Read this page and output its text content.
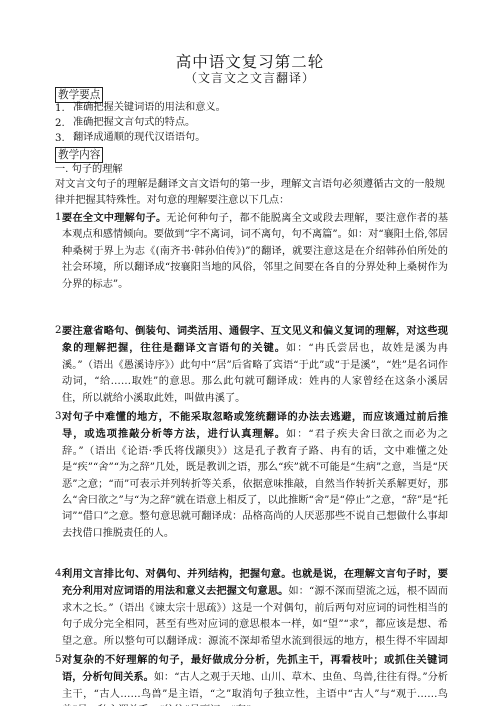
高中语文复习第二轮
（文言文之文言翻译）
教学要点
1. 准确把握关键词语的用法和意义。
2. 准确把握文言句式的特点。
3. 翻译成通顺的现代汉语语句。
教学内容
一. 句子的理解
对文言文句子的理解是翻译文言文语句的第一步，理解文言语句必须遵循古文的一般规律并把握其特殊性。对句意的理解要注意以下几点：
1.
要在全文中理解句子。无论何种句子，都不能脱离全文或段去理解，要注意作者的基本观点和感情倾向。要做到“字不离词，词不离句，句不离篇”。如：对“襄阳土俗,邻居种桑树于界上为志《(南齐书·韩孙伯传》)”的翻译，就要注意这是在介绍韩孙伯所处的社会环境，所以翻译成“按襄阳当地的风俗，邻里之间要在各自的分界处种上桑树作为分界的标志”。
2.
要注意省略句、倒装句、词类活用、通假字、互文见义和偏义复词的理解，对这些现象的理解把握，往往是翻译文言语句的关键。如：“冉氏尝居也，故姓是溪为冉溪。”（语出《愚溪诗序》）此句中“居”后省略了宾语“于此”或“于是溪”，“姓”是名词作动词，“给……取姓”的意思。那么此句就可翻译成：姓冉的人家曾经在这条小溪居住，所以就给小溪取此姓，叫做冉溪了。
3.
对句子中难懂的地方，不能采取忽略或笼统翻译的办法去逃避，而应该通过前后推导，或选项推敲分析等方法，进行认真理解。如：“君子疾夫舍曰欲之而必为之辞。”（语出《论语·季氏将伐颛臾》）这是孔子教育子路、冉有的话，文中难懂之处是“疾”“舍”“为之辞”几处，既是教训之语，那么“疾”就不可能是“生病”之意，当是“厌恶”之意；“而”可表示并列转折等关系，依据意味推敲，自然当作转折关系解更好，那么“舍曰欲之”与“为之辞”就在语意上相反了，以此推断“舍”是“停止”之意，“辞”是“托词”“借口”之意。整句意思就可翻译成：品格高尚的人厌恶那些不说自己想做什么事却去找借口推脱责任的人。
4.
利用文言排比句、对偶句、并列结构，把握句意。也就是说，在理解文言句子时，要充分利用对应词语的用法和意义去把握文句意思。如：“源不深而望流之远，根不固而求木之长。”（语出《谏太宗十思疏》）这是一个对偶句，前后两句对应词的词性相当的句子成分完全相同，甚至有些对应词的意思根本一样，如“望”“求”，都应该是想、希望之意。所以整句可以翻译成：源流不深却希望水流到很远的地方，根生得不牢固却
5.
对复杂的不好理解的句子，最好做成分分析，先抓主干，再看枝叶；或抓住关键词语，分析句间关系。如：“古人之观于天地、山川、草木、虫鱼、鸟兽,往往有得。”分析主干，“古人……鸟兽”是主语，“之”取消句子独立性，主语中“古人”与“观于……鸟
